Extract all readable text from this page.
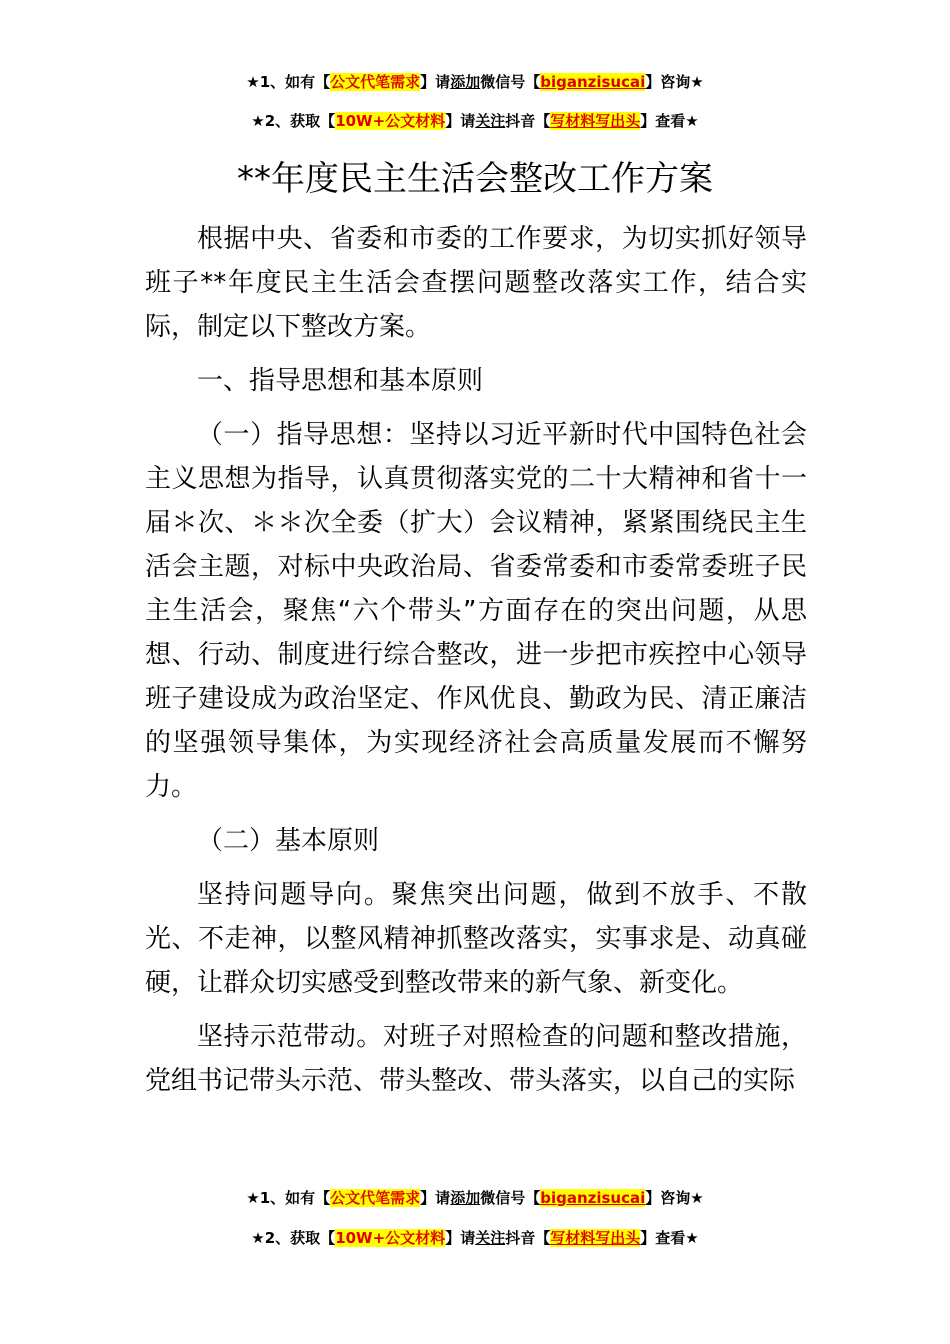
★1、如有【公文代笔需求】请添加微信号【biganzisucai】咨询★
★2、获取【10W+公文材料】请关注抖音【写材料写出头】查看★
**年度民主生活会整改工作方案

根据中央、省委和市委的工作要求，为切实抓好领导班子**年度民主生活会查摆问题整改落实工作，结合实际，制定以下整改方案。

一、指导思想和基本原则

（一）指导思想：坚持以习近平新时代中国特色社会主义思想为指导，认真贯彻落实党的二十大精神和省十一届＊次、＊＊次全委（扩大）会议精神，紧紧围绕民主生活会主题，对标中央政治局、省委常委和市委常委班子民主生活会，聚焦“六个带头”方面存在的突出问题，从思想、行动、制度进行综合整改，进一步把市疾控中心领导班子建设成为政治坚定、作风优良、勤政为民、清正廉洁的坚强领导集体，为实现经济社会高质量发展而不懈努力。

（二）基本原则

坚持问题导向。聚焦突出问题，做到不放手、不散光、不走神，以整风精神抓整改落实，实事求是、动真碰硬，让群众切实感受到整改带来的新气象、新变化。

坚持示范带动。对班子对照检查的问题和整改措施，党组书记带头示范、带头整改、带头落实，以自己的实际

★1、如有【公文代笔需求】请添加微信号【biganzisucai】咨询★
★2、获取【10W+公文材料】请关注抖音【写材料写出头】查看★
